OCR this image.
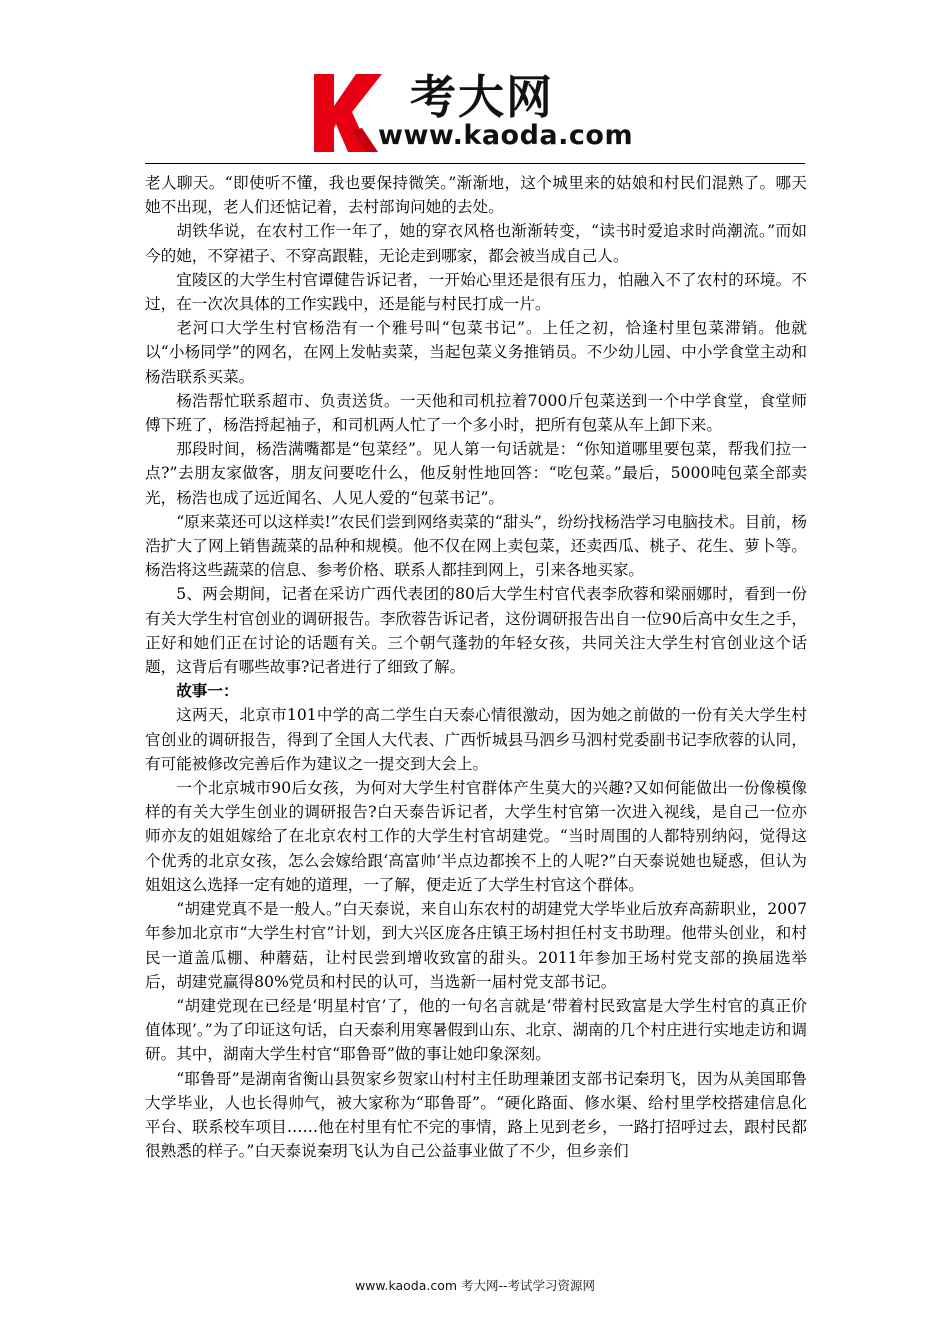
考大网
www.kaoda.com

老人聊天。“即使听不懂，我也要保持微笑。”渐渐地，这个城里来的姑娘和村民们混熟了。哪天她不出现，老人们还惦记着，去村部询问她的去处。

胡铁华说，在农村工作一年了，她的穿衣风格也渐渐转变，“读书时爱追求时尚潮流。”而如今的她，不穿裙子、不穿高跟鞋，无论走到哪家，都会被当成自己人。

宜陵区的大学生村官谭健告诉记者，一开始心里还是很有压力，怕融入不了农村的环境。不过，在一次次具体的工作实践中，还是能与村民打成一片。

老河口大学生村官杨浩有一个雅号叫“包菜书记”。上任之初，恰逢村里包菜滞销。他就以“小杨同学”的网名，在网上发帖卖菜，当起包菜义务推销员。不少幼儿园、中小学食堂主动和杨浩联系买菜。

杨浩帮忙联系超市、负责送货。一天他和司机拉着7000斤包菜送到一个中学食堂，食堂师傅下班了，杨浩捋起袖子，和司机两人忙了一个多小时，把所有包菜从车上卸下来。

那段时间，杨浩满嘴都是“包菜经”。见人第一句话就是：“你知道哪里要包菜，帮我们拉一点?”去朋友家做客，朋友问要吃什么，他反射性地回答：“吃包菜。”最后，5000吨包菜全部卖光，杨浩也成了远近闻名、人见人爱的“包菜书记”。

“原来菜还可以这样卖!”农民们尝到网络卖菜的“甜头”，纷纷找杨浩学习电脑技术。目前，杨浩扩大了网上销售蔬菜的品种和规模。他不仅在网上卖包菜，还卖西瓜、桃子、花生、萝卜等。杨浩将这些蔬菜的信息、参考价格、联系人都挂到网上，引来各地买家。

5、两会期间，记者在采访广西代表团的80后大学生村官代表李欣蓉和梁丽娜时，看到一份有关大学生村官创业的调研报告。李欣蓉告诉记者，这份调研报告出自一位90后高中女生之手，正好和她们正在讨论的话题有关。三个朝气蓬勃的年轻女孩，共同关注大学生村官创业这个话题，这背后有哪些故事?记者进行了细致了解。

故事一：

这两天，北京市101中学的高二学生白天泰心情很激动，因为她之前做的一份有关大学生村官创业的调研报告，得到了全国人大代表、广西忻城县马泗乡马泗村党委副书记李欣蓉的认同，有可能被修改完善后作为建议之一提交到大会上。

一个北京城市90后女孩，为何对大学生村官群体产生莫大的兴趣?又如何能做出一份像模像样的有关大学生创业的调研报告?白天泰告诉记者，大学生村官第一次进入视线，是自己一位亦师亦友的姐姐嫁给了在北京农村工作的大学生村官胡建党。“当时周围的人都特别纳闷，觉得这个优秀的北京女孩，怎么会嫁给跟‘高富帅’半点边都挨不上的人呢?”白天泰说她也疑惑，但认为姐姐这么选择一定有她的道理，一了解，便走近了大学生村官这个群体。

“胡建党真不是一般人。”白天泰说，来自山东农村的胡建党大学毕业后放弃高薪职业，2007年参加北京市“大学生村官”计划，到大兴区庞各庄镇王场村担任村支书助理。他带头创业，和村民一道盖瓜棚、种蘑菇，让村民尝到增收致富的甜头。2011年参加王场村党支部的换届选举后，胡建党赢得80%党员和村民的认可，当选新一届村党支部书记。

“胡建党现在已经是‘明星村官’了，他的一句名言就是‘带着村民致富是大学生村官的真正价值体现’。”为了印证这句话，白天泰利用寒暑假到山东、北京、湖南的几个村庄进行实地走访和调研。其中，湖南大学生村官“耶鲁哥”做的事让她印象深刻。

“耶鲁哥”是湖南省衡山县贺家乡贺家山村村主任助理兼团支部书记秦玥飞，因为从美国耶鲁大学毕业，人也长得帅气，被大家称为“耶鲁哥”。“硬化路面、修水渠、给村里学校搭建信息化平台、联系校车项目……他在村里有忙不完的事情，路上见到老乡，一路打招呼过去，跟村民都很熟悉的样子。”白天泰说秦玥飞认为自己公益事业做了不少，但乡亲们

www.kaoda.com 考大网--考试学习资源网
